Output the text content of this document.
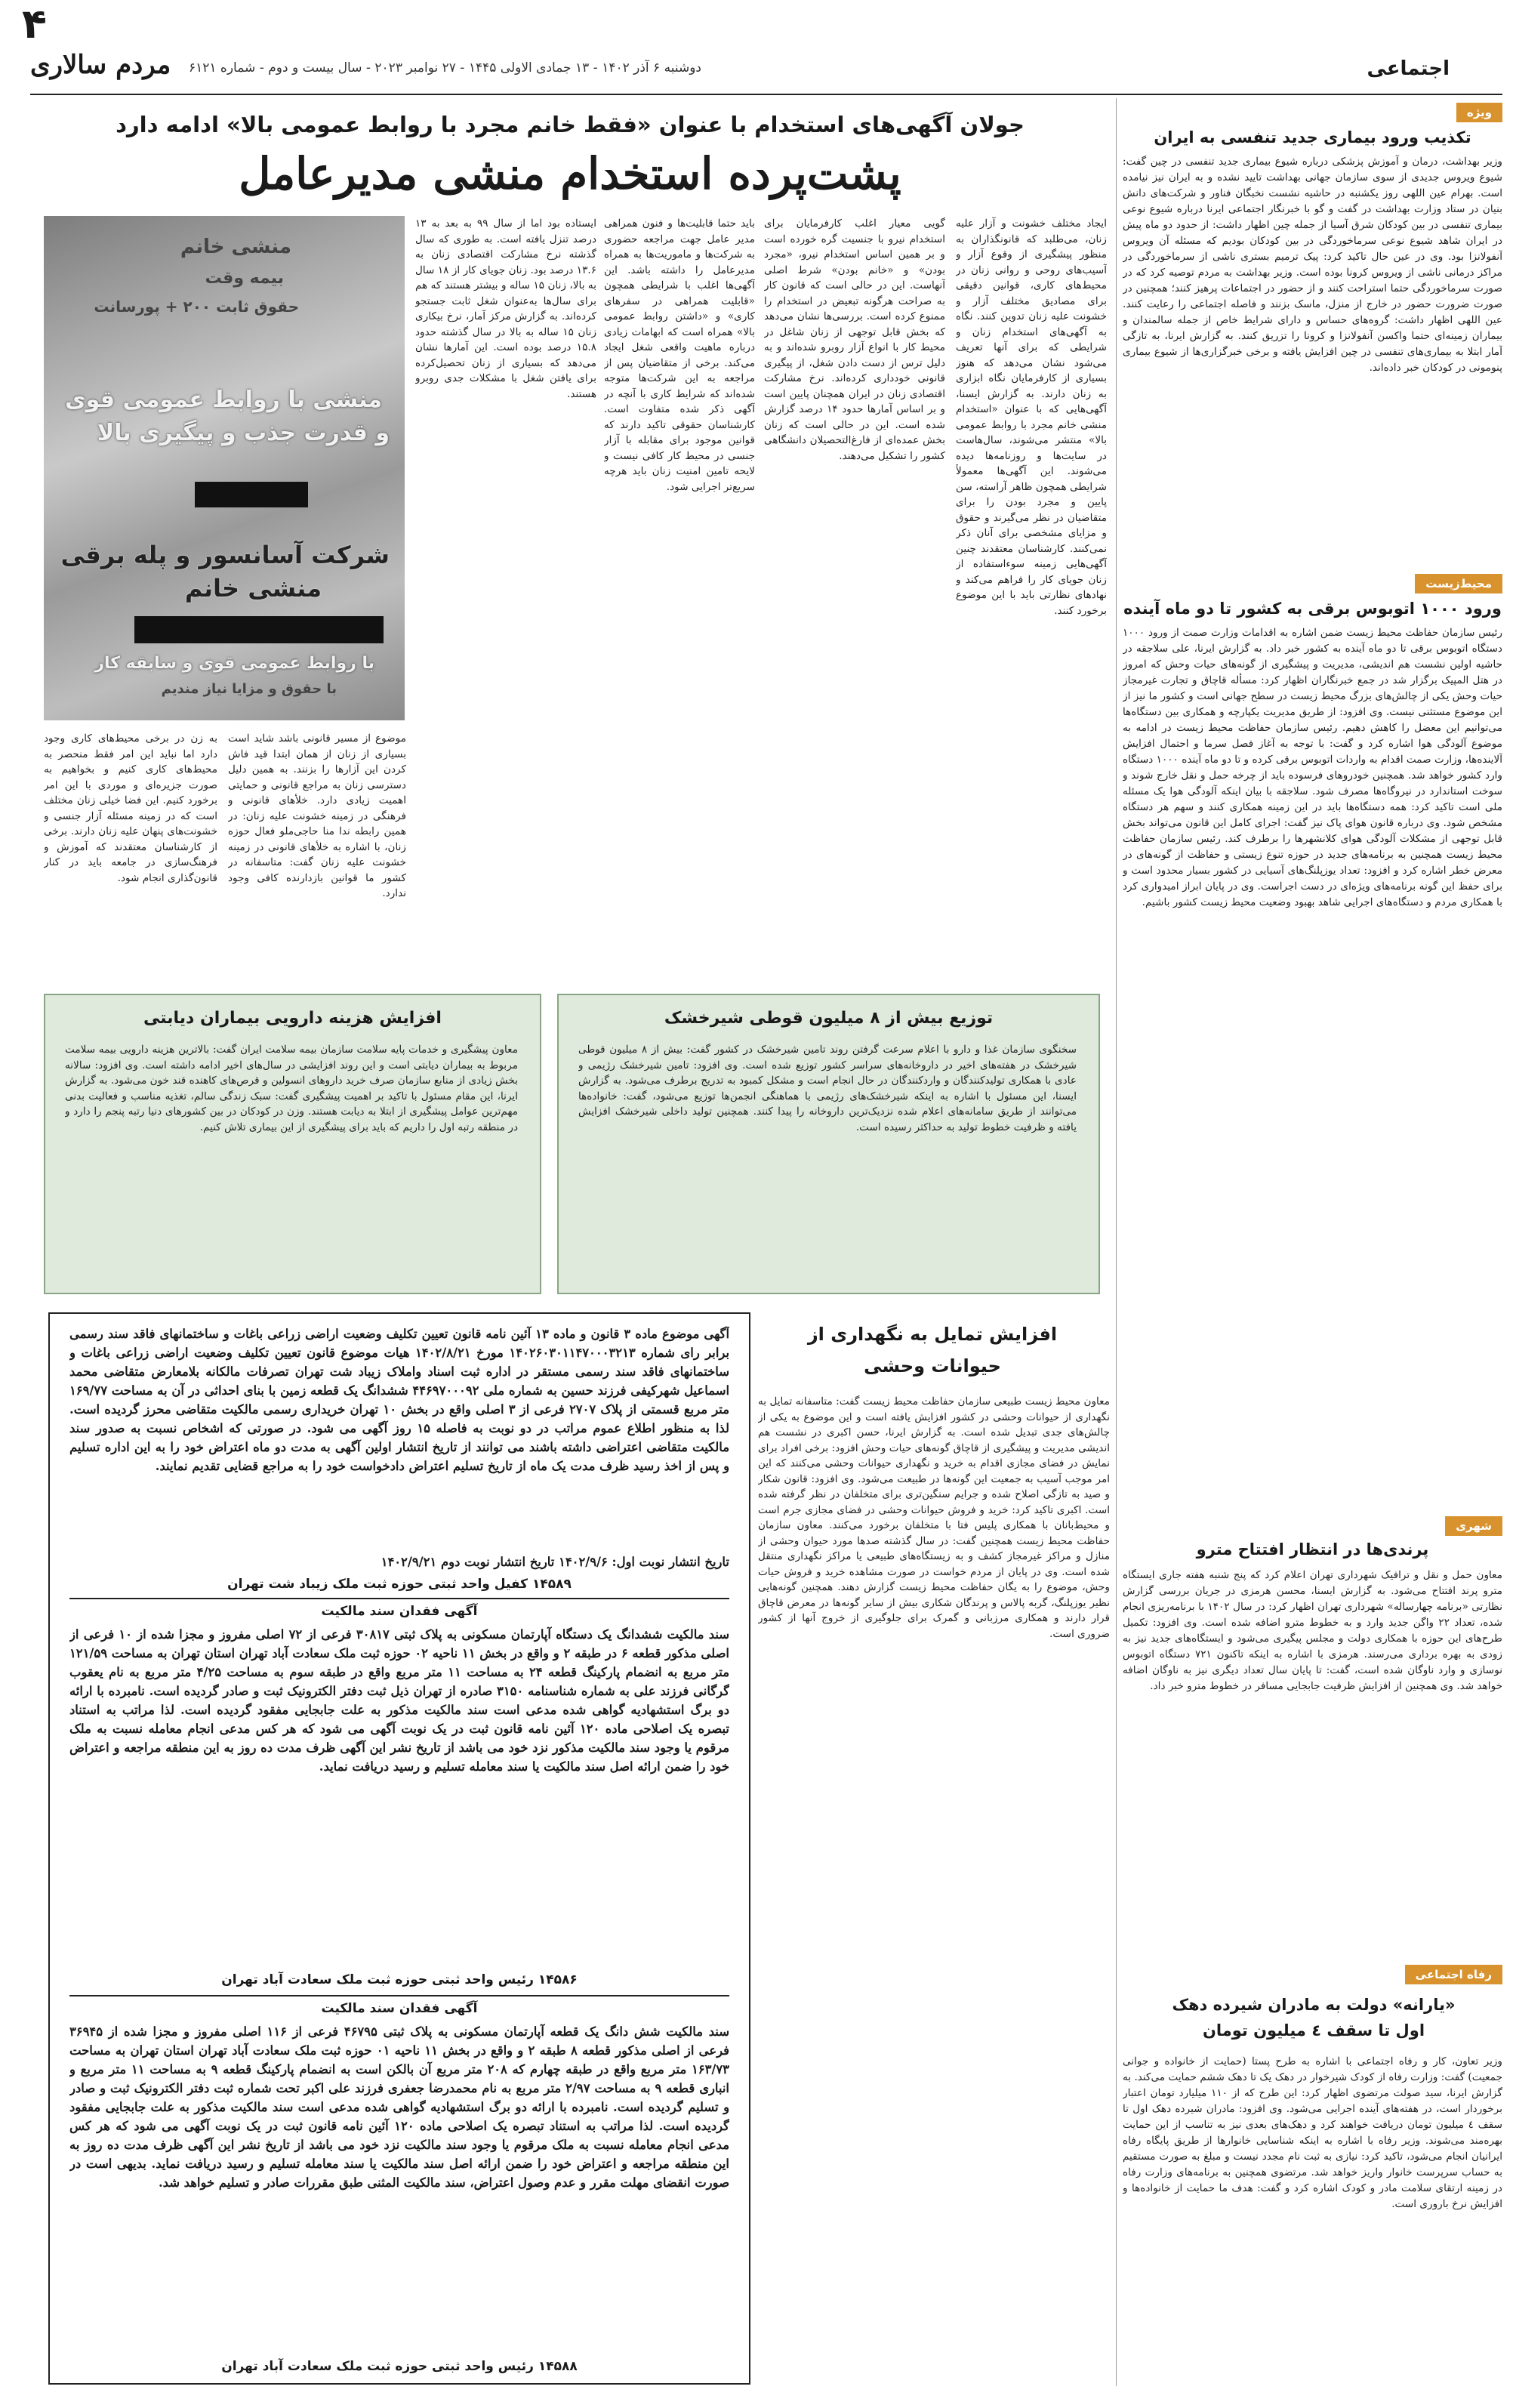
۴
اجتماعی
مردم سالاری	دوشنبه ۶ آذر ۱۴۰۲ - ۱۳ جمادی الاولی ۱۴۴۵ - ۲۷ نوامبر ۲۰۲۳ - سال بیست و دوم - شماره ۶۱۲۱
ویژه
تکذیب ورود بیماری جدید تنفسی به ایران
وزیر بهداشت، درمان و آموزش پزشکی درباره شیوع بیماری جدید تنفسی در چین گفت: شیوع ویروس جدیدی از سوی سازمان جهانی بهداشت تایید نشده و به ایران نیز نیامده است. بهرام عین اللهی روز یکشنبه در حاشیه نشست نخبگان فناور و شرکت‌های دانش بنیان در ستاد وزارت بهداشت در گفت و گو با خبرنگار اجتماعی ایرنا درباره شیوع نوعی بیماری تنفسی در بین کودکان شرق آسیا از جمله چین اظهار داشت: از حدود دو ماه پیش در ایران شاهد شیوع نوعی سرماخوردگی در بین کودکان بودیم که مسئله آن ویروس آنفولانزا بود. وی در عین حال تاکید کرد: پیک ترمیم بستری ناشی از سرماخوردگی در مراکز درمانی ناشی از ویروس کرونا بوده است. وزیر بهداشت به مردم توصیه کرد که در صورت سرماخوردگی حتما استراحت کنند و از حضور در اجتماعات پرهیز کنند؛ همچنین در صورت ضرورت حضور در خارج از منزل، ماسک بزنند و فاصله اجتماعی را رعایت کنند. عین اللهی اظهار داشت: گروه‌های حساس و دارای شرایط خاص از جمله سالمندان و بیماران زمینه‌ای حتما واکسن آنفولانزا و کرونا را تزریق کنند. به گزارش ایرنا، به تازگی آمار ابتلا به بیماری‌های تنفسی در چین افزایش یافته و برخی خبرگزاری‌ها از شیوع بیماری پنومونی در کودکان خبر داده‌اند.
محیط‌زیست
ورود ۱۰۰۰ اتوبوس برقی به کشور تا دو ماه آینده
رئیس سازمان حفاظت محیط زیست ضمن اشاره به اقدامات وزارت صمت از ورود ۱۰۰۰ دستگاه اتوبوس برقی تا دو ماه آینده به کشور خبر داد. به گزارش ایرنا، علی سلاجقه در حاشیه اولین نشست هم اندیشی، مدیریت و پیشگیری از گونه‌های حیات وحش که امروز در هتل المپیک برگزار شد در جمع خبرنگاران اظهار کرد: مسأله قاچاق و تجارت غیرمجاز حیات وحش یکی از چالش‌های بزرگ محیط زیست در سطح جهانی است و کشور ما نیز از این موضوع مستثنی نیست. وی افزود: از طریق مدیریت یکپارچه و همکاری بین دستگاه‌ها می‌توانیم این معضل را کاهش دهیم. رئیس سازمان حفاظت محیط زیست در ادامه به موضوع آلودگی هوا اشاره کرد و گفت: با توجه به آغاز فصل سرما و احتمال افزایش آلاینده‌ها، وزارت صمت اقدام به واردات اتوبوس برقی کرده و تا دو ماه آینده ۱۰۰۰ دستگاه وارد کشور خواهد شد. همچنین خودروهای فرسوده باید از چرخه حمل و نقل خارج شوند و سوخت استاندارد در نیروگاه‌ها مصرف شود. سلاجقه با بیان اینکه آلودگی هوا یک مسئله ملی است تاکید کرد: همه دستگاه‌ها باید در این زمینه همکاری کنند و سهم هر دستگاه مشخص شود. وی درباره قانون هوای پاک نیز گفت: اجرای کامل این قانون می‌تواند بخش قابل توجهی از مشکلات آلودگی هوای کلانشهرها را برطرف کند. رئیس سازمان حفاظت محیط زیست همچنین به برنامه‌های جدید در حوزه تنوع زیستی و حفاظت از گونه‌های در معرض خطر اشاره کرد و افزود: تعداد یوزپلنگ‌های آسیایی در کشور بسیار محدود است و برای حفظ این گونه برنامه‌های ویژه‌ای در دست اجراست. وی در پایان ابراز امیدواری کرد با همکاری مردم و دستگاه‌های اجرایی شاهد بهبود وضعیت محیط زیست کشور باشیم.
شهری
پرندی‌ها در انتظار افتتاح مترو
معاون حمل و نقل و ترافیک شهرداری تهران اعلام کرد که پنج شنبه هفته جاری ایستگاه مترو پرند افتتاح می‌شود. به گزارش ایسنا، محسن هرمزی در جریان بررسی گزارش نظارتی «برنامه چهارساله» شهرداری تهران اظهار کرد: در سال ۱۴۰۲ با برنامه‌ریزی انجام شده، تعداد ۲۲ واگن جدید وارد و به خطوط مترو اضافه شده است. وی افزود: تکمیل طرح‌های این حوزه با همکاری دولت و مجلس پیگیری می‌شود و ایستگاه‌های جدید نیز به زودی به بهره برداری می‌رسند. هرمزی با اشاره به اینکه تاکنون ۷۲۱ دستگاه اتوبوس نوسازی و وارد ناوگان شده است، گفت: تا پایان سال تعداد دیگری نیز به ناوگان اضافه خواهد شد. وی همچنین از افزایش ظرفیت جابجایی مسافر در خطوط مترو خبر داد.
رفاه اجتماعی
«یارانه» دولت به مادران شیرده دهک اول تا سقف ٤ میلیون تومان
وزیر تعاون، کار و رفاه اجتماعی با اشاره به طرح پستا (حمایت از خانواده و جوانی جمعیت) گفت: وزارت رفاه از کودک شیرخوار در دهک یک تا دهک ششم حمایت می‌کند. به گزارش ایرنا، سید صولت مرتضوی اظهار کرد: این طرح که از ۱۱۰ میلیارد تومان اعتبار برخوردار است، در هفته‌های آینده اجرایی می‌شود. وی افزود: مادران شیرده دهک اول تا سقف ٤ میلیون تومان دریافت خواهند کرد و دهک‌های بعدی نیز به تناسب از این حمایت بهره‌مند می‌شوند. وزیر رفاه با اشاره به اینکه شناسایی خانوارها از طریق پایگاه رفاه ایرانیان انجام می‌شود، تاکید کرد: نیازی به ثبت نام مجدد نیست و مبلغ به صورت مستقیم به حساب سرپرست خانوار واریز خواهد شد. مرتضوی همچنین به برنامه‌های وزارت رفاه در زمینه ارتقای سلامت مادر و کودک اشاره کرد و گفت: هدف ما حمایت از خانواده‌ها و افزایش نرخ باروری است.
جولان آگهی‌های استخدام با عنوان «فقط خانم مجرد با روابط عمومی بالا» ادامه دارد
پشت‌پرده استخدام منشی مدیرعامل
منشی خانم
بیمه وقت
حقوق ثابت ۲۰۰ + پورسانت
منشی با روابط عمومی قوی
و قدرت جذب و پیگیری بالا
شرکت آسانسور و پله برقی
منشی خانم
با روابط عمومی قوی و سابقه کار
با حقوق و مزایا نیاز مندیم
ایجاد مختلف خشونت و آزار علیه زنان، می‌طلبد که قانونگذاران به منظور پیشگیری از وقوع آزار و آسیب‌های روحی و روانی زنان در محیط‌های کاری، قوانین دقیقی برای مصادیق مختلف آزار و خشونت علیه زنان تدوین کنند. نگاه به آگهی‌های استخدام زنان و شرایطی که برای آنها تعریف می‌شود نشان می‌دهد که هنوز بسیاری از کارفرمایان نگاه ابزاری به زنان دارند. به گزارش ایسنا، آگهی‌هایی که با عنوان «استخدام منشی خانم مجرد با روابط عمومی بالا» منتشر می‌شوند، سال‌هاست در سایت‌ها و روزنامه‌ها دیده می‌شوند. این آگهی‌ها معمولاً شرایطی همچون ظاهر آراسته، سن پایین و مجرد بودن را برای متقاضیان در نظر می‌گیرند و حقوق و مزایای مشخصی برای آنان ذکر نمی‌کنند. کارشناسان معتقدند چنین آگهی‌هایی زمینه سوءاستفاده از زنان جویای کار را فراهم می‌کند و نهادهای نظارتی باید با این موضوع برخورد کنند.
گویی معیار اغلب کارفرمایان برای استخدام نیرو با جنسیت گره خورده است و بر همین اساس استخدام نیرو، «مجرد بودن» و «خانم بودن» شرط اصلی آنهاست. این در حالی است که قانون کار به صراحت هرگونه تبعیض در استخدام را ممنوع کرده است. بررسی‌ها نشان می‌دهد که بخش قابل توجهی از زنان شاغل در محیط کار با انواع آزار روبرو شده‌اند و به دلیل ترس از دست دادن شغل، از پیگیری قانونی خودداری کرده‌اند. نرخ مشارکت اقتصادی زنان در ایران همچنان پایین است و بر اساس آمارها حدود ۱۴ درصد گزارش شده است. این در حالی است که زنان بخش عمده‌ای از فارغ‌التحصیلان دانشگاهی کشور را تشکیل می‌دهند.
باید حتما قابلیت‌ها و فنون همراهی مدیر عامل جهت مراجعه حضوری به شرکت‌ها و ماموریت‌ها به همراه مدیرعامل را داشته باشد. این آگهی‌ها اغلب با شرایطی همچون «قابلیت همراهی در سفرهای کاری» و «داشتن روابط عمومی بالا» همراه است که ابهامات زیادی درباره ماهیت واقعی شغل ایجاد می‌کند. برخی از متقاضیان پس از مراجعه به این شرکت‌ها متوجه شده‌اند که شرایط کاری با آنچه در آگهی ذکر شده متفاوت است. کارشناسان حقوقی تاکید دارند که قوانین موجود برای مقابله با آزار جنسی در محیط کار کافی نیست و لایحه تامین امنیت زنان باید هرچه سریع‌تر اجرایی شود.
ایستاده بود اما از سال ۹۹ به بعد به ۱۳ درصد تنزل یافته است. به طوری که سال گذشته نرخ مشارکت اقتصادی زنان به ۱۳.۶ درصد بود. زنان جویای کار از ۱۸ سال به بالا، زنان ۱۵ ساله و بیشتر هستند که هم برای سال‌ها به‌عنوان شغل ثابت جستجو کرده‌اند. به گزارش مرکز آمار، نرخ بیکاری زنان ۱۵ ساله به بالا در سال گذشته حدود ۱۵.۸ درصد بوده است. این آمارها نشان می‌دهد که بسیاری از زنان تحصیل‌کرده برای یافتن شغل با مشکلات جدی روبرو هستند.
به زن در برخی محیط‌های کاری وجود دارد اما نباید این امر فقط منحصر به محیط‌های کاری کنیم و بخواهیم به صورت جزیره‌ای و موردی با این امر برخورد کنیم. این فضا خیلی زنان مختلف است که در زمینه مسئله آزار جنسی و خشونت‌های پنهان علیه زنان دارند. برخی از کارشناسان معتقدند که آموزش و فرهنگ‌سازی در جامعه باید در کنار قانون‌گذاری انجام شود.
موضوع از مسیر قانونی باشد شاید است بسیاری از زنان از همان ابتدا قید فاش کردن این آزارها را بزنند. به همین دلیل دسترسی زنان به مراجع قانونی و حمایتی اهمیت زیادی دارد. خلأهای قانونی و فرهنگی در زمینه خشونت علیه زنان: در همین رابطه ندا منا حاجی‌ملو فعال حوزه زنان، با اشاره به خلأهای قانونی در زمینه خشونت علیه زنان گفت: متاسفانه در کشور ما قوانین بازدارنده کافی وجود ندارد.
افزایش هزینه دارویی بیماران دیابتی
معاون پیشگیری و خدمات پایه سلامت سازمان بیمه سلامت ایران گفت: بالاترین هزینه دارویی بیمه سلامت مربوط به بیماران دیابتی است و این روند افزایشی در سال‌های اخیر ادامه داشته است. وی افزود: سالانه بخش زیادی از منابع سازمان صرف خرید داروهای انسولین و قرص‌های کاهنده قند خون می‌شود. به گزارش ایرنا، این مقام مسئول با تاکید بر اهمیت پیشگیری گفت: سبک زندگی سالم، تغذیه مناسب و فعالیت بدنی مهم‌ترین عوامل پیشگیری از ابتلا به دیابت هستند. وزن در کودکان در بین کشورهای دنیا رتبه پنجم را دارد و در منطقه رتبه اول را داریم که باید برای پیشگیری از این بیماری تلاش کنیم.
توزیع بیش از ۸ میلیون قوطی شیرخشک
سخنگوی سازمان غذا و دارو با اعلام سرعت گرفتن روند تامین شیرخشک در کشور گفت: بیش از ۸ میلیون قوطی شیرخشک در هفته‌های اخیر در داروخانه‌های سراسر کشور توزیع شده است. وی افزود: تامین شیرخشک رژیمی و عادی با همکاری تولیدکنندگان و واردکنندگان در حال انجام است و مشکل کمبود به تدریج برطرف می‌شود. به گزارش ایسنا، این مسئول با اشاره به اینکه شیرخشک‌های رژیمی با هماهنگی انجمن‌ها توزیع می‌شود، گفت: خانواده‌ها می‌توانند از طریق سامانه‌های اعلام شده نزدیک‌ترین داروخانه را پیدا کنند. همچنین تولید داخلی شیرخشک افزایش یافته و ظرفیت خطوط تولید به حداکثر رسیده است.
آگهی موضوع ماده ۳ قانون و ماده ۱۳ آئین نامه قانون تعیین تکلیف وضعیت اراضی زراعی باغات و ساختمانهای فاقد سند رسمی برابر رای شماره ۱۴۰۲۶۰۳۰۱۱۴۷۰۰۰۳۲۱۳ مورخ ۱۴۰۲/۸/۲۱ هیات موضوع قانون تعیین تکلیف وضعیت اراضی زراعی باغات و ساختمانهای فاقد سند رسمی مستقر در اداره ثبت اسناد واملاک زیباد شت تهران تصرفات مالکانه بلامعارض متقاضی محمد اسماعیل شهرکیفی فرزند حسین به شماره ملی ۴۴۶۹۷۰۰۰۹۲ ششدانگ یک قطعه زمین با بنای احداثی در آن به مساحت ۱۶۹/۷۷ متر مربع قسمتی از پلاک ۲۷۰۷ فرعی از ۳ اصلی واقع در بخش ۱۰ تهران خریداری رسمی مالکیت متقاضی محرز گردیده است. لذا به منظور اطلاع عموم مراتب در دو نوبت به فاصله ۱۵ روز آگهی می شود. در صورتی که اشخاص نسبت به صدور سند مالکیت متقاضی اعتراضی داشته باشند می توانند از تاریخ انتشار اولین آگهی به مدت دو ماه اعتراض خود را به این اداره تسلیم و پس از اخذ رسید ظرف مدت یک ماه از تاریخ تسلیم اعتراض دادخواست خود را به مراجع قضایی تقدیم نمایند.
تاریخ انتشار نوبت اول: ۱۴۰۲/۹/۶ تاریخ انتشار نوبت دوم ۱۴۰۲/۹/۲۱
۱۴۵۸۹ کفیل واحد ثبتی حوزه ثبت ملک زیباد شت تهران
آگهی فقدان سند مالکیت
سند مالکیت ششدانگ یک دستگاه آپارتمان مسکونی به پلاک ثبتی ۳۰۸۱۷ فرعی از ۷۲ اصلی مفروز و مجزا شده از ۱۰ فرعی از اصلی مذکور قطعه ۶ در طبقه ۲ و واقع در بخش ۱۱ ناحیه ۰۲ حوزه ثبت ملک سعادت آباد تهران استان تهران به مساحت ۱۲۱/۵۹ متر مربع به انضمام پارکینگ قطعه ۲۴ به مساحت ۱۱ متر مربع واقع در طبقه سوم به مساحت ۴/۲۵ متر مربع به نام یعقوب گرگانی فرزند علی به شماره شناسنامه ۳۱۵۰ صادره از تهران ذیل ثبت دفتر الکترونیک ثبت و صادر گردیده است. نامبرده با ارائه دو برگ استشهادیه گواهی شده مدعی است سند مالکیت مذکور به علت جابجایی مفقود گردیده است. لذا مراتب به استناد تبصره یک اصلاحی ماده ۱۲۰ آئین نامه قانون ثبت در یک نوبت آگهی می شود که هر کس مدعی انجام معامله نسبت به ملک مرقوم یا وجود سند مالکیت مذکور نزد خود می باشد از تاریخ نشر این آگهی ظرف مدت ده روز به این منطقه مراجعه و اعتراض خود را ضمن ارائه اصل سند مالکیت یا سند معامله تسلیم و رسید دریافت نماید.
۱۴۵۸۶ رئیس واحد ثبتی حوزه ثبت ملک سعادت آباد تهران
آگهی فقدان سند مالکیت
سند مالکیت شش دانگ یک قطعه آپارتمان مسکونی به پلاک ثبتی ۴۶۷۹۵ فرعی از ۱۱۶ اصلی مفروز و مجزا شده از ۳۶۹۴۵ فرعی از اصلی مذکور قطعه ۸ طبقه ۲ و واقع در بخش ۱۱ ناحیه ۰۱ حوزه ثبت ملک سعادت آباد تهران استان تهران به مساحت ۱۶۳/۷۳ متر مربع واقع در طبقه چهارم که ۲۰۸ متر مربع آن بالکن است به انضمام پارکینگ قطعه ۹ به مساحت ۱۱ متر مربع و انباری قطعه ۹ به مساحت ۲/۹۷ متر مربع به نام محمدرضا جعفری فرزند علی اکبر تحت شماره ثبت دفتر الکترونیک ثبت و صادر و تسلیم گردیده است. نامبرده با ارائه دو برگ استشهادیه گواهی شده مدعی است سند مالکیت مذکور به علت جابجایی مفقود گردیده است. لذا مراتب به استناد تبصره یک اصلاحی ماده ۱۲۰ آئین نامه قانون ثبت در یک نوبت آگهی می شود که هر کس مدعی انجام معامله نسبت به ملک مرقوم یا وجود سند مالکیت نزد خود می باشد از تاریخ نشر این آگهی ظرف مدت ده روز به این منطقه مراجعه و اعتراض خود را ضمن ارائه اصل سند مالکیت یا سند معامله تسلیم و رسید دریافت نماید. بدیهی است در صورت انقضای مهلت مقرر و عدم وصول اعتراض، سند مالکیت المثنی طبق مقررات صادر و تسلیم خواهد شد.
۱۴۵۸۸ رئیس واحد ثبتی حوزه ثبت ملک سعادت آباد تهران
افزایش تمایل به نگهداری از حیوانات وحشی
معاون محیط زیست طبیعی سازمان حفاظت محیط زیست گفت: متاسفانه تمایل به نگهداری از حیوانات وحشی در کشور افزایش یافته است و این موضوع به یکی از چالش‌های جدی تبدیل شده است. به گزارش ایرنا، حسن اکبری در نشست هم اندیشی مدیریت و پیشگیری از قاچاق گونه‌های حیات وحش افزود: برخی افراد برای نمایش در فضای مجازی اقدام به خرید و نگهداری حیوانات وحشی می‌کنند که این امر موجب آسیب به جمعیت این گونه‌ها در طبیعت می‌شود. وی افزود: قانون شکار و صید به تازگی اصلاح شده و جرایم سنگین‌تری برای متخلفان در نظر گرفته شده است. اکبری تاکید کرد: خرید و فروش حیوانات وحشی در فضای مجازی جرم است و محیط‌بانان با همکاری پلیس فتا با متخلفان برخورد می‌کنند. معاون سازمان حفاظت محیط زیست همچنین گفت: در سال گذشته صدها مورد حیوان وحشی از منازل و مراکز غیرمجاز کشف و به زیستگاه‌های طبیعی یا مراکز نگهداری منتقل شده است. وی در پایان از مردم خواست در صورت مشاهده خرید و فروش حیات وحش، موضوع را به یگان حفاظت محیط زیست گزارش دهند. همچنین گونه‌هایی نظیر یوزپلنگ، گربه پالاس و پرندگان شکاری بیش از سایر گونه‌ها در معرض قاچاق قرار دارند و همکاری مرزبانی و گمرک برای جلوگیری از خروج آنها از کشور ضروری است.
